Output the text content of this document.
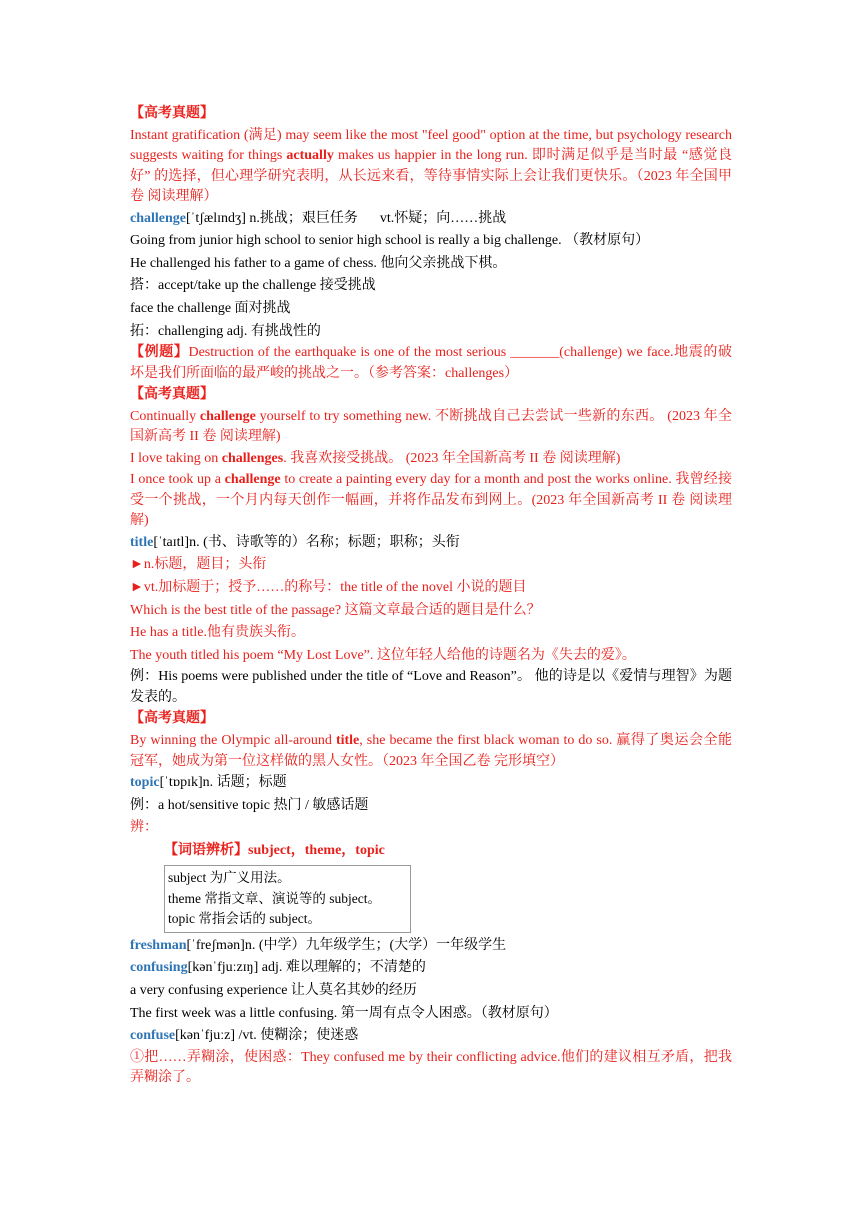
【高考真题】
Instant gratification (满足) may seem like the most "feel good" option at the time, but psychology research suggests waiting for things actually makes us happier in the long run. 即时满足似乎是当时最 “感觉良好” 的选择，但心理学研究表明，从长远来看，等待事情实际上会让我们更快乐。（2023 年全国甲卷 阅读理解）
challenge[ˈtʃælɪndʒ] n.挑战；艰巨任务 vt.怀疑；向……挑战
Going from junior high school to senior high school is really a big challenge. （教材原句）
He challenged his father to a game of chess. 他向父亲挑战下棋。
搭：accept/take up the challenge 接受挑战
face the challenge 面对挑战
拓：challenging adj. 有挑战性的
【例题】Destruction of the earthquake is one of the most serious _______(challenge) we face.地震的破坏是我们所面临的最严峻的挑战之一。（参考答案：challenges）
【高考真题】
Continually challenge yourself to try something new. 不断挑战自己去尝试一些新的东西。 (2023 年全国新高考 II 卷 阅读理解)
I love taking on challenges. 我喜欢接受挑战。 (2023 年全国新高考 II 卷 阅读理解)
I once took up a challenge to create a painting every day for a month and post the works online. 我曾经接受一个挑战，一个月内每天创作一幅画，并将作品发布到网上。(2023 年全国新高考 II 卷 阅读理解)
title[ˈtaɪtl]n. (书、诗歌等的）名称；标题；职称；头衔
►n.标题，题目；头衔
►vt.加标题于；授予……的称号：the title of the novel 小说的题目
Which is the best title of the passage? 这篇文章最合适的题目是什么？
He has a title.他有贵族头衔。
The youth titled his poem “My Lost Love”. 这位年轻人给他的诗题名为《失去的爱》。
例：His poems were published under the title of “Love and Reason”。 他的诗是以《爱情与理智》为题发表的。
【高考真题】
By winning the Olympic all-around title, she became the first black woman to do so. 赢得了奥运会全能冠军，她成为第一位这样做的黑人女性。（2023 年全国乙卷 完形填空）
topic[ˈtɒpɪk]n. 话题；标题
例：a hot/sensitive topic 热门 / 敏感话题
辨：
【词语辨析】subject，theme，topic
subject 为广义用法。
theme 常指文章、演说等的 subject。
topic 常指会话的 subject。
freshman[ˈfreʃmən]n. (中学）九年级学生；(大学）一年级学生
confusing[kənˈfjuːzɪŋ] adj. 难以理解的；不清楚的
a very confusing experience 让人莫名其妙的经历
The first week was a little confusing. 第一周有点令人困惑。（教材原句）
confuse[kənˈfjuːz] /vt. 使糊涂；使迷惑
①把……弄糊涂，使困惑：They confused me by their conflicting advice.他们的建议相互矛盾，把我弄糊涂了。
